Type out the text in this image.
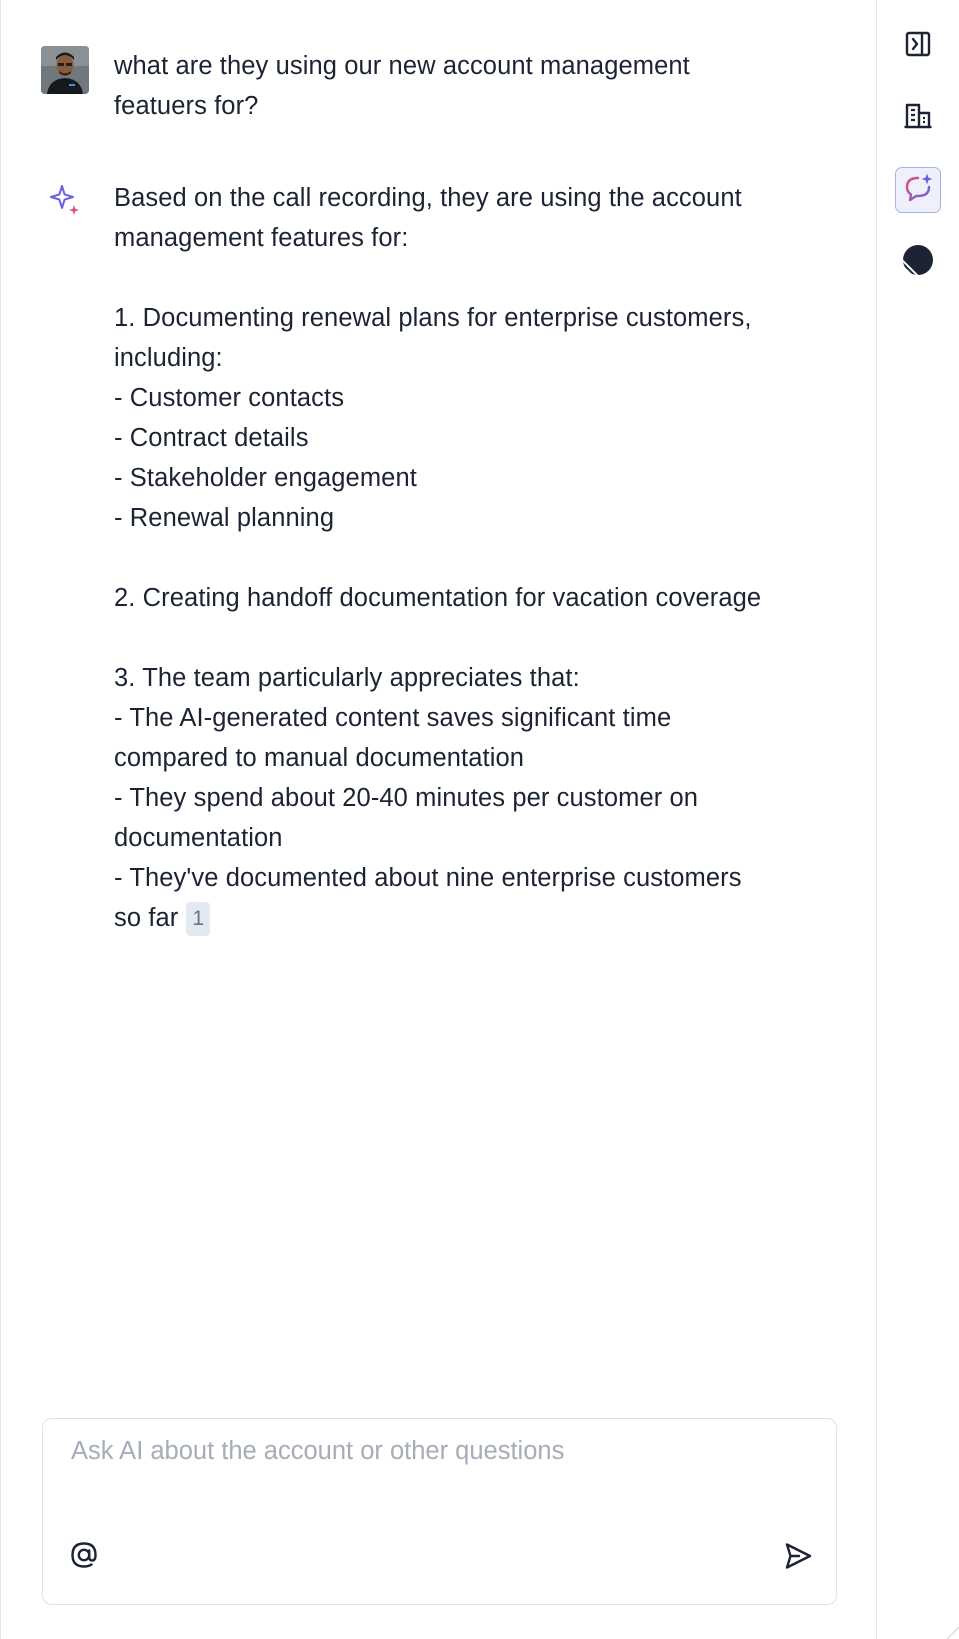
what are they using our new account management
featuers for?
Based on the call recording, they are using the account
management features for:
1. Documenting renewal plans for enterprise customers,
including:
- Customer contacts
- Contract details
- Stakeholder engagement
- Renewal planning
2. Creating handoff documentation for vacation coverage
3. The team particularly appreciates that:
- The AI-generated content saves significant time
compared to manual documentation
- They spend about 20-40 minutes per customer on
documentation
- They've documented about nine enterprise customers
so far 1
Ask AI about the account or other questions
